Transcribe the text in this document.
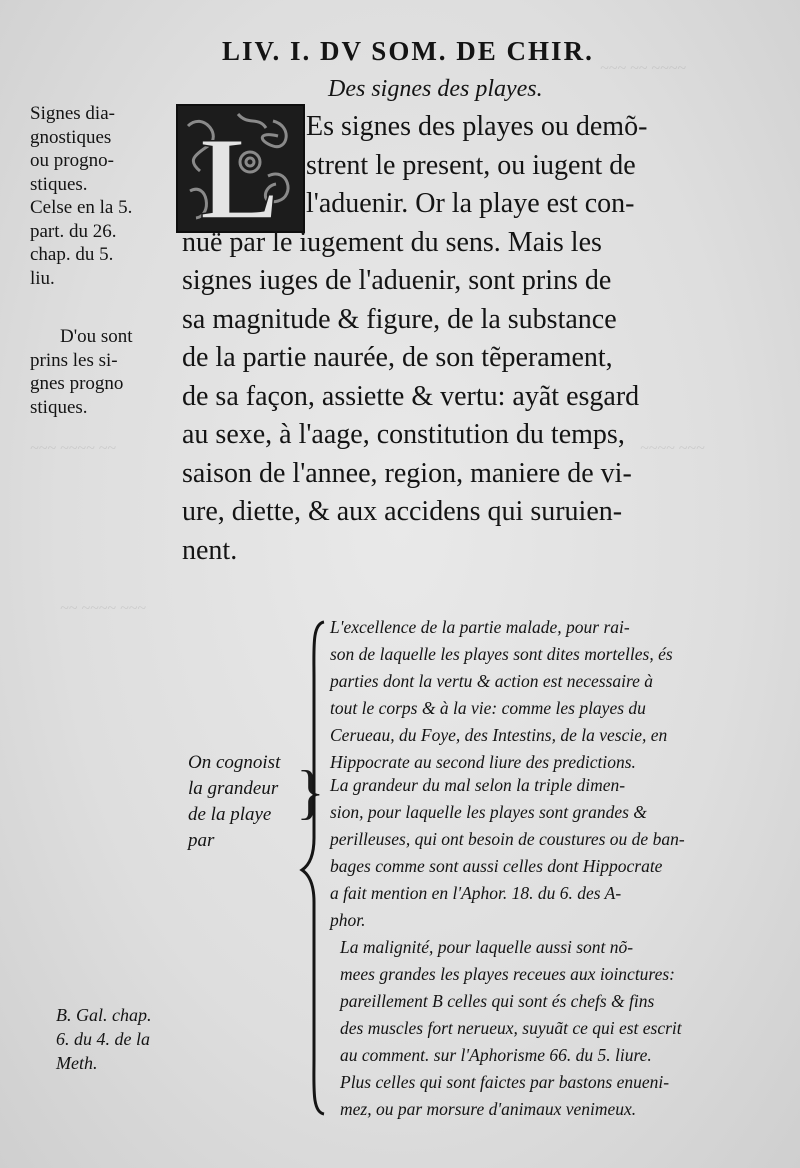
~~~ ~~ ~~~~
~~~~ ~~~
~~~ ~~~~ ~~
~~ ~~~~ ~~~
LIV. I. DV SOM. DE CHIR.
Des signes des playes.
Signes dia-
gnostiques
ou progno-
stiques.
Celse en la 5.
part. du 26.
chap. du 5.
liu.
D'ou sont
prins les si-
gnes progno
stiques.
L Es signes des playes ou demõ-
strent le present, ou iugent de
l'aduenir. Or la playe est con-
nuë par le iugement du sens. Mais les
signes iuges de l'aduenir, sont prins de
sa magnitude & figure, de la substance
de la partie naurée, de son tẽperament,
de sa façon, assiette & vertu: ayãt esgard
au sexe, à l'aage, constitution du temps,
saison de l'annee, region, maniere de vi-
ure, diette, & aux accidens qui suruien-
nent.
On cognoist
la grandeur
de la playe
par
}
L'excellence de la partie malade, pour rai-
son de laquelle les playes sont dites mortelles, és
parties dont la vertu & action est necessaire à
tout le corps & à la vie: comme les playes du
Cerueau, du Foye, des Intestins, de la vescie, en
Hippocrate au second liure des predictions.
La grandeur du mal selon la triple dimen-
sion, pour laquelle les playes sont grandes &
perilleuses, qui ont besoin de coustures ou de ban-
bages comme sont aussi celles dont Hippocrate
a fait mention en l'Aphor. 18. du 6. des A-
phor.
La malignité, pour laquelle aussi sont nõ-
mees grandes les playes receues aux ioinctures:
pareillement B celles qui sont és chefs & fins
des muscles fort nerueux, suyuãt ce qui est escrit
au comment. sur l'Aphorisme 66. du 5. liure.
Plus celles qui sont faictes par bastons enueni-
mez, ou par morsure d'animaux venimeux.
B. Gal. chap.
6. du 4. de la
Meth.
